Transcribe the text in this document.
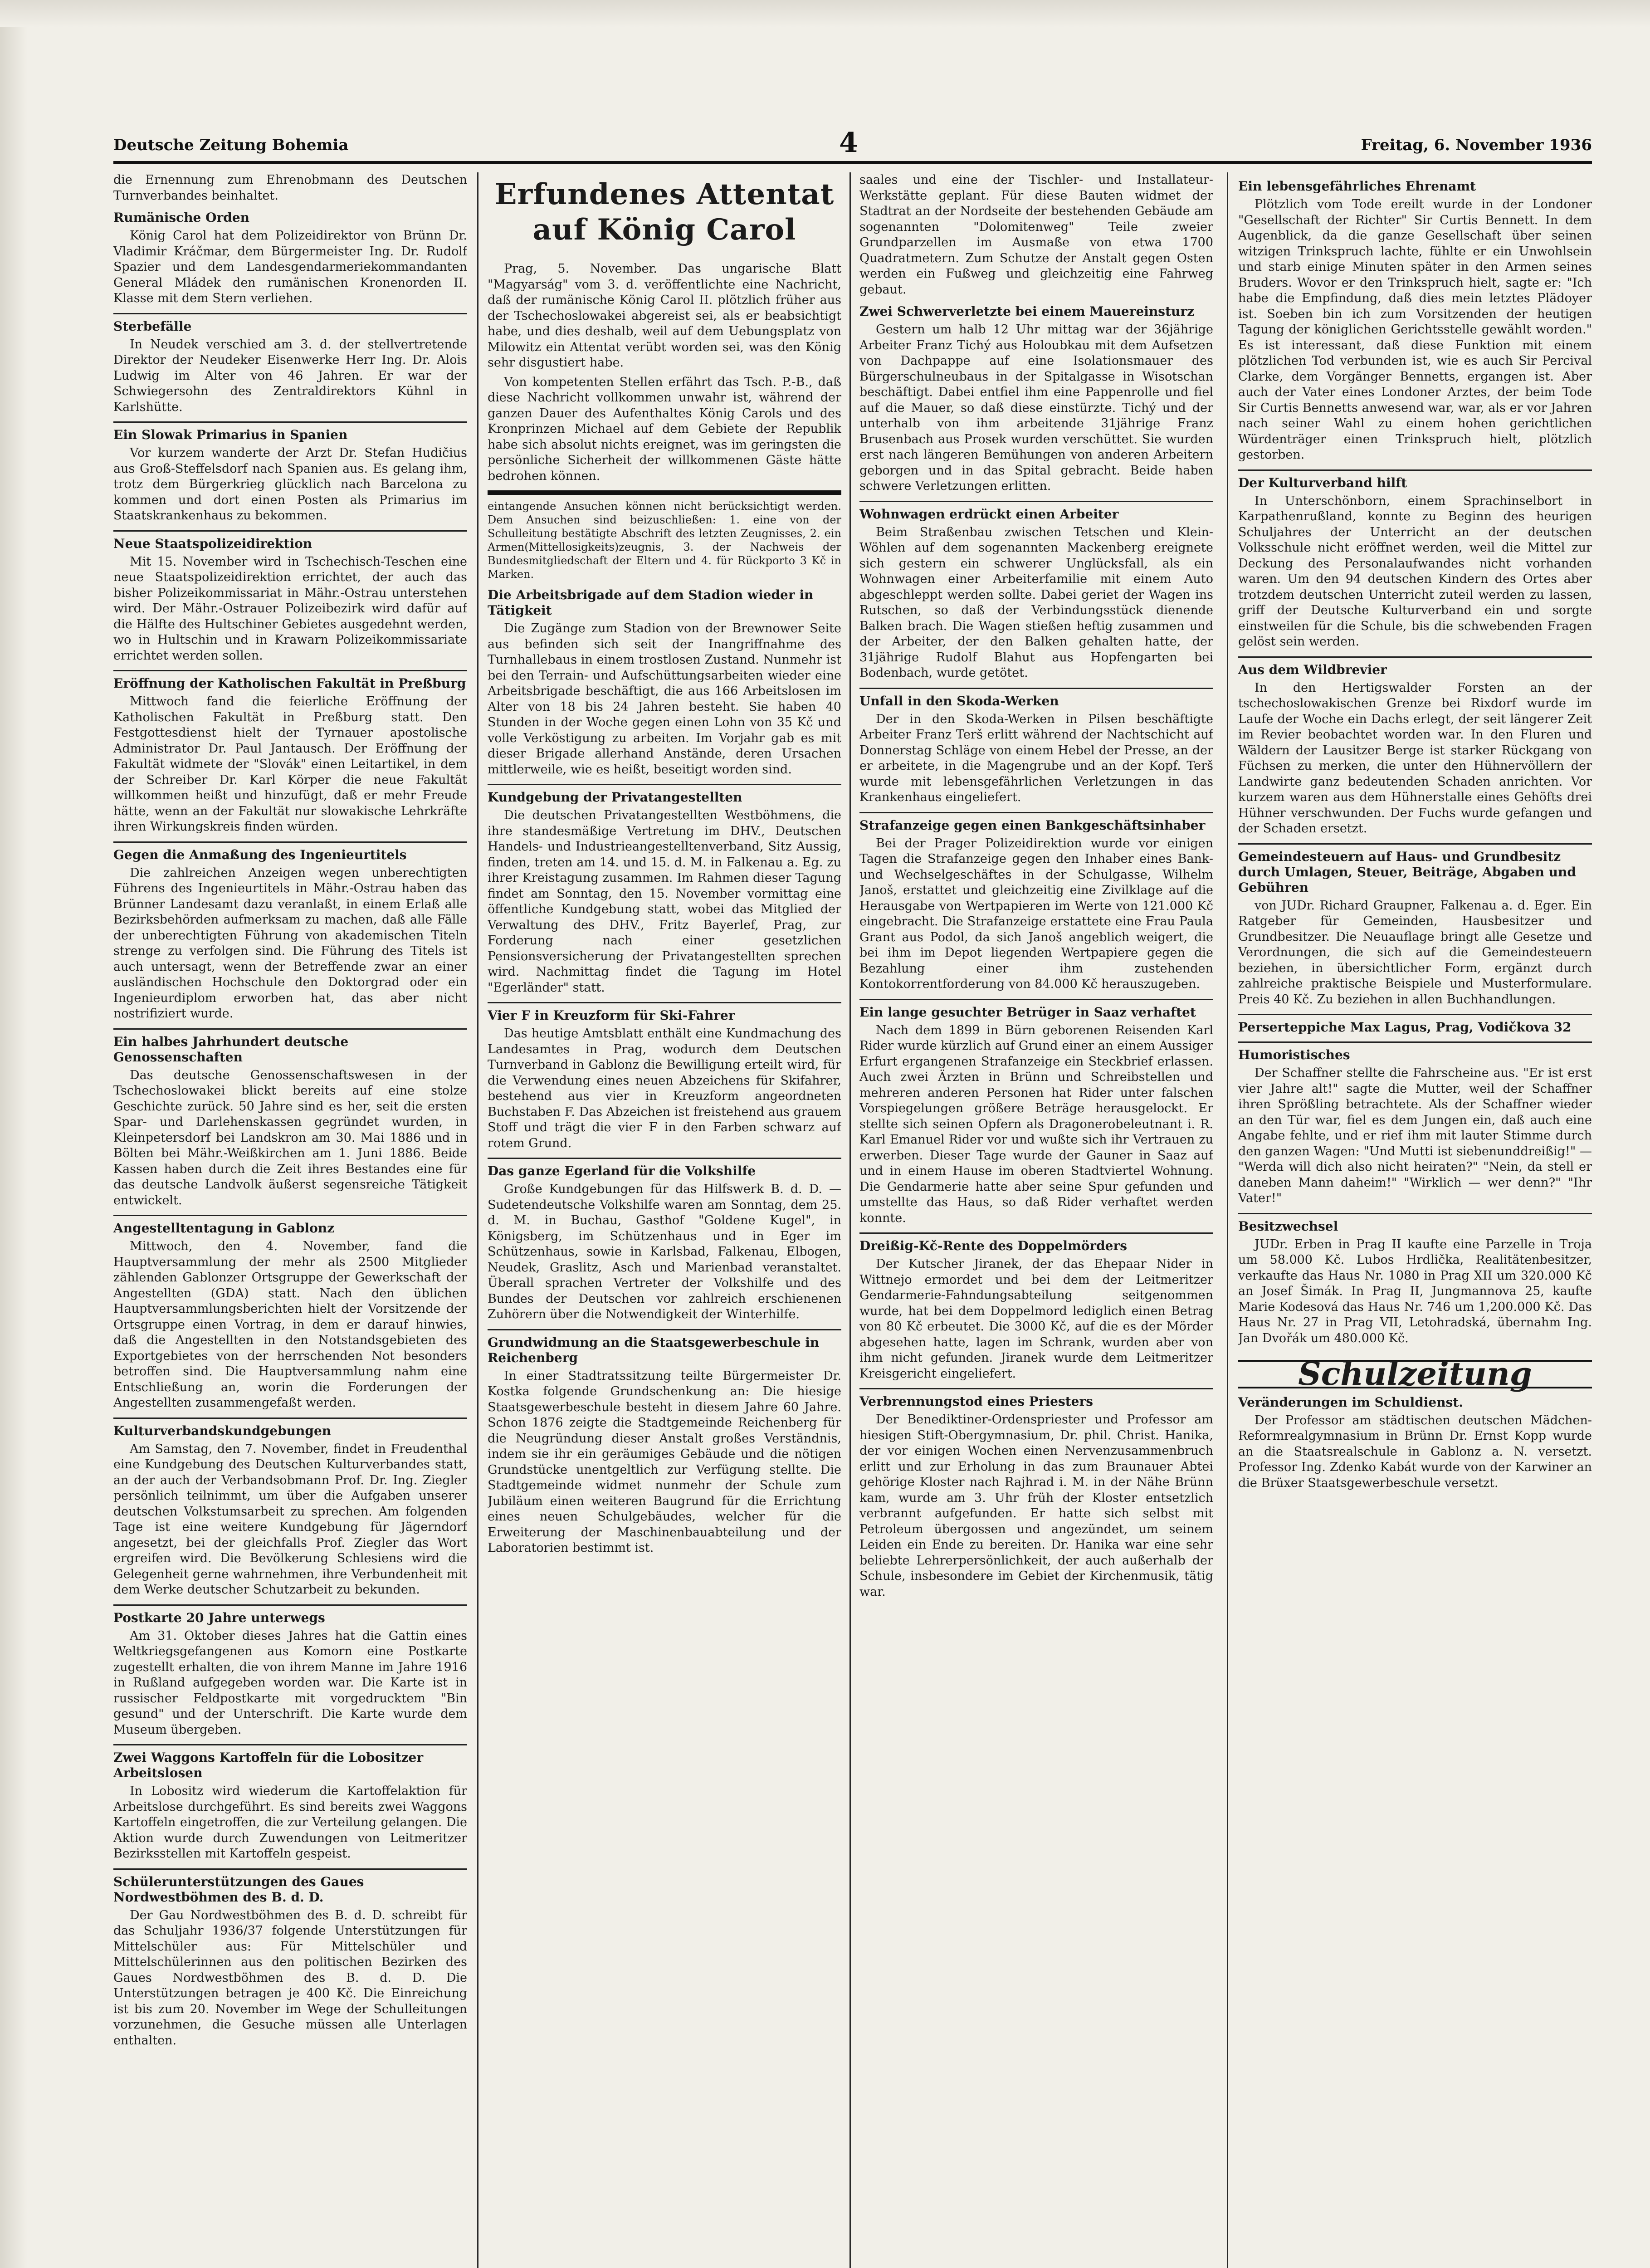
Deutsche Zeitung Bohemia	4	Freitag, 6. November 1936

die Ernennung zum Ehrenobmann des Deutschen Turnverbandes beinhaltet.

Rumänische Orden

König Carol hat dem Polizeidirektor von Brünn Dr. Vladimir Kráčmar, dem Bürgermeister Ing. Dr. Rudolf Spazier und dem Landesgendarmeriekommandanten General Mládek den rumänischen Kronenorden II. Klasse mit dem Stern verliehen.

Sterbefälle

In Neudek verschied am 3. d. der stellvertretende Direktor der Neudeker Eisenwerke Herr Ing. Dr. Alois Ludwig im Alter von 46 Jahren. Er war der Schwiegersohn des Zentraldirektors Kühnl in Karlshütte.

Ein Slowak Primarius in Spanien

Vor kurzem wanderte der Arzt Dr. Stefan Hudičius aus Groß-Steffelsdorf nach Spanien aus. Es gelang ihm, trotz dem Bürgerkrieg glücklich nach Barcelona zu kommen und dort einen Posten als Primarius im Staatskrankenhaus zu bekommen.

Neue Staatspolizeidirektion

Mit 15. November wird in Tschechisch-Teschen eine neue Staatspolizeidirektion errichtet, der auch das bisher Polizeikommissariat in Mähr.-Ostrau unterstehen wird. Der Mähr.-Ostrauer Polizeibezirk wird dafür auf die Hälfte des Hultschiner Gebietes ausgedehnt werden, wo in Hultschin und in Krawarn Polizeikommissariate errichtet werden sollen.

Eröffnung der Katholischen Fakultät in Preßburg

Mittwoch fand die feierliche Eröffnung der Katholischen Fakultät in Preßburg statt. Den Festgottesdienst hielt der Tyrnauer apostolische Administrator Dr. Paul Jantausch. Der Eröffnung der Fakultät widmete der "Slovák" einen Leitartikel, in dem der Schreiber Dr. Karl Körper die neue Fakultät willkommen heißt und hinzufügt, daß er mehr Freude hätte, wenn an der Fakultät nur slowakische Lehrkräfte ihren Wirkungskreis finden würden.

Gegen die Anmaßung des Ingenieurtitels

Die zahlreichen Anzeigen wegen unberechtigten Führens des Ingenieurtitels in Mähr.-Ostrau haben das Brünner Landesamt dazu veranlaßt, in einem Erlaß alle Bezirksbehörden aufmerksam zu machen, daß alle Fälle der unberechtigten Führung von akademischen Titeln strenge zu verfolgen sind. Die Führung des Titels ist auch untersagt, wenn der Betreffende zwar an einer ausländischen Hochschule den Doktorgrad oder ein Ingenieurdiplom erworben hat, das aber nicht nostrifiziert wurde.

Ein halbes Jahrhundert deutsche Genossenschaften

Das deutsche Genossenschaftswesen in der Tschechoslowakei blickt bereits auf eine stolze Geschichte zurück. 50 Jahre sind es her, seit die ersten Spar- und Darlehenskassen gegründet wurden, in Kleinpetersdorf bei Landskron am 30. Mai 1886 und in Bölten bei Mähr.-Weißkirchen am 1. Juni 1886. Beide Kassen haben durch die Zeit ihres Bestandes eine für das deutsche Landvolk äußerst segensreiche Tätigkeit entwickelt.

Angestelltentagung in Gablonz

Mittwoch, den 4. November, fand die Hauptversammlung der mehr als 2500 Mitglieder zählenden Gablonzer Ortsgruppe der Gewerkschaft der Angestellten (GDA) statt. Nach den üblichen Hauptversammlungsberichten hielt der Vorsitzende der Ortsgruppe einen Vortrag, in dem er darauf hinwies, daß die Angestellten in den Notstandsgebieten des Exportgebietes von der herrschenden Not besonders betroffen sind. Die Hauptversammlung nahm eine Entschließung an, worin die Forderungen der Angestellten zusammengefaßt werden.

Kulturverbandskundgebungen

Am Samstag, den 7. November, findet in Freudenthal eine Kundgebung des Deutschen Kulturverbandes statt, an der auch der Verbandsobmann Prof. Dr. Ing. Ziegler persönlich teilnimmt, um über die Aufgaben unserer deutschen Volkstumsarbeit zu sprechen. Am folgenden Tage ist eine weitere Kundgebung für Jägerndorf angesetzt, bei der gleichfalls Prof. Ziegler das Wort ergreifen wird. Die Bevölkerung Schlesiens wird die Gelegenheit gerne wahrnehmen, ihre Verbundenheit mit dem Werke deutscher Schutzarbeit zu bekunden.

Postkarte 20 Jahre unterwegs

Am 31. Oktober dieses Jahres hat die Gattin eines Weltkriegsgefangenen aus Komorn eine Postkarte zugestellt erhalten, die von ihrem Manne im Jahre 1916 in Rußland aufgegeben worden war. Die Karte ist in russischer Feldpostkarte mit vorgedrucktem "Bin gesund" und der Unterschrift. Die Karte wurde dem Museum übergeben.

Zwei Waggons Kartoffeln für die Lobositzer Arbeitslosen

In Lobositz wird wiederum die Kartoffelaktion für Arbeitslose durchgeführt. Es sind bereits zwei Waggons Kartoffeln eingetroffen, die zur Verteilung gelangen. Die Aktion wurde durch Zuwendungen von Leitmeritzer Bezirksstellen mit Kartoffeln gespeist.

Schülerunterstützungen des Gaues Nordwestböhmen des B. d. D.

Der Gau Nordwestböhmen des B. d. D. schreibt für das Schuljahr 1936/37 folgende Unterstützungen für Mittelschüler aus: Für Mittelschüler und Mittelschülerinnen aus den politischen Bezirken des Gaues Nordwestböhmen des B. d. D. Die Unterstützungen betragen je 400 Kč. Die Einreichung ist bis zum 20. November im Wege der Schulleitungen vorzunehmen, die Gesuche müssen alle Unterlagen enthalten.

Erfundenes Attentat auf König Carol

Prag, 5. November. Das ungarische Blatt "Magyarság" vom 3. d. veröffentlichte eine Nachricht, daß der rumänische König Carol II. plötzlich früher aus der Tschechoslowakei abgereist sei, als er beabsichtigt habe, und dies deshalb, weil auf dem Uebungsplatz von Milowitz ein Attentat verübt worden sei, was den König sehr disgustiert habe.

Von kompetenten Stellen erfährt das Tsch. P.-B., daß diese Nachricht vollkommen unwahr ist, während der ganzen Dauer des Aufenthaltes König Carols und des Kronprinzen Michael auf dem Gebiete der Republik habe sich absolut nichts ereignet, was im geringsten die persönliche Sicherheit der willkommenen Gäste hätte bedrohen können.

eintangende Ansuchen können nicht berücksichtigt werden. Dem Ansuchen sind beizuschließen: 1. eine von der Schulleitung bestätigte Abschrift des letzten Zeugnisses, 2. ein Armen(Mittellosigkeits)zeugnis, 3. der Nachweis der Bundesmitgliedschaft der Eltern und 4. für Rückporto 3 Kč in Marken.

Die Arbeitsbrigade auf dem Stadion wieder in Tätigkeit

Die Zugänge zum Stadion von der Brewnower Seite aus befinden sich seit der Inangriffnahme des Turnhallebaus in einem trostlosen Zustand. Nunmehr ist bei den Terrain- und Aufschüttungsarbeiten wieder eine Arbeitsbrigade beschäftigt, die aus 166 Arbeitslosen im Alter von 18 bis 24 Jahren besteht. Sie haben 40 Stunden in der Woche gegen einen Lohn von 35 Kč und volle Verköstigung zu arbeiten. Im Vorjahr gab es mit dieser Brigade allerhand Anstände, deren Ursachen mittlerweile, wie es heißt, beseitigt worden sind.

Kundgebung der Privatangestellten

Die deutschen Privatangestellten Westböhmens, die ihre standesmäßige Vertretung im DHV., Deutschen Handels- und Industrieangestelltenverband, Sitz Aussig, finden, treten am 14. und 15. d. M. in Falkenau a. Eg. zu ihrer Kreistagung zusammen. Im Rahmen dieser Tagung findet am Sonntag, den 15. November vormittag eine öffentliche Kundgebung statt, wobei das Mitglied der Verwaltung des DHV., Fritz Bayerlef, Prag, zur Forderung nach einer gesetzlichen Pensionsversicherung der Privatangestellten sprechen wird. Nachmittag findet die Tagung im Hotel "Egerländer" statt.

Vier F in Kreuzform für Ski-Fahrer

Das heutige Amtsblatt enthält eine Kundmachung des Landesamtes in Prag, wodurch dem Deutschen Turnverband in Gablonz die Bewilligung erteilt wird, für die Verwendung eines neuen Abzeichens für Skifahrer, bestehend aus vier in Kreuzform angeordneten Buchstaben F. Das Abzeichen ist freistehend aus grauem Stoff und trägt die vier F in den Farben schwarz auf rotem Grund.

Das ganze Egerland für die Volkshilfe

Große Kundgebungen für das Hilfswerk B. d. D. — Sudetendeutsche Volkshilfe waren am Sonntag, dem 25. d. M. in Buchau, Gasthof "Goldene Kugel", in Königsberg, im Schützenhaus und in Eger im Schützenhaus, sowie in Karlsbad, Falkenau, Elbogen, Neudek, Graslitz, Asch und Marienbad veranstaltet. Überall sprachen Vertreter der Volkshilfe und des Bundes der Deutschen vor zahlreich erschienenen Zuhörern über die Notwendigkeit der Winterhilfe.

Grundwidmung an die Staatsgewerbeschule in Reichenberg

In einer Stadtratssitzung teilte Bürgermeister Dr. Kostka folgende Grundschenkung an: Die hiesige Staatsgewerbeschule besteht in diesem Jahre 60 Jahre. Schon 1876 zeigte die Stadtgemeinde Reichenberg für die Neugründung dieser Anstalt großes Verständnis, indem sie ihr ein geräumiges Gebäude und die nötigen Grundstücke unentgeltlich zur Verfügung stellte. Die Stadtgemeinde widmet nunmehr der Schule zum Jubiläum einen weiteren Baugrund für die Errichtung eines neuen Schulgebäudes, welcher für die Erweiterung der Maschinenbauabteilung und der Laboratorien bestimmt ist.

saales und eine der Tischler- und Installateur-Werkstätte geplant. Für diese Bauten widmet der Stadtrat an der Nordseite der bestehenden Gebäude am sogenannten "Dolomitenweg" Teile zweier Grundparzellen im Ausmaße von etwa 1700 Quadratmetern. Zum Schutze der Anstalt gegen Osten werden ein Fußweg und gleichzeitig eine Fahrweg gebaut.

Zwei Schwerverletzte bei einem Mauereinsturz

Gestern um halb 12 Uhr mittag war der 36jährige Arbeiter Franz Tichý aus Holoubkau mit dem Aufsetzen von Dachpappe auf eine Isolationsmauer des Bürgerschulneubaus in der Spitalgasse in Wisotschan beschäftigt. Dabei entfiel ihm eine Pappenrolle und fiel auf die Mauer, so daß diese einstürzte. Tichý und der unterhalb von ihm arbeitende 31jährige Franz Brusenbach aus Prosek wurden verschüttet. Sie wurden erst nach längeren Bemühungen von anderen Arbeitern geborgen und in das Spital gebracht. Beide haben schwere Verletzungen erlitten.

Wohnwagen erdrückt einen Arbeiter

Beim Straßenbau zwischen Tetschen und Klein-Wöhlen auf dem sogenannten Mackenberg ereignete sich gestern ein schwerer Unglücksfall, als ein Wohnwagen einer Arbeiterfamilie mit einem Auto abgeschleppt werden sollte. Dabei geriet der Wagen ins Rutschen, so daß der Verbindungsstück dienende Balken brach. Die Wagen stießen heftig zusammen und der Arbeiter, der den Balken gehalten hatte, der 31jährige Rudolf Blahut aus Hopfengarten bei Bodenbach, wurde getötet.

Unfall in den Skoda-Werken

Der in den Skoda-Werken in Pilsen beschäftigte Arbeiter Franz Terš erlitt während der Nachtschicht auf Donnerstag Schläge von einem Hebel der Presse, an der er arbeitete, in die Magengrube und an der Kopf. Terš wurde mit lebensgefährlichen Verletzungen in das Krankenhaus eingeliefert.

Strafanzeige gegen einen Bankgeschäftsinhaber

Bei der Prager Polizeidirektion wurde vor einigen Tagen die Strafanzeige gegen den Inhaber eines Bank- und Wechselgeschäftes in der Schulgasse, Wilhelm Janoš, erstattet und gleichzeitig eine Zivilklage auf die Herausgabe von Wertpapieren im Werte von 121.000 Kč eingebracht. Die Strafanzeige erstattete eine Frau Paula Grant aus Podol, da sich Janoš angeblich weigert, die bei ihm im Depot liegenden Wertpapiere gegen die Bezahlung einer ihm zustehenden Kontokorrentforderung von 84.000 Kč herauszugeben.

Ein lange gesuchter Betrüger in Saaz verhaftet

Nach dem 1899 in Bürn geborenen Reisenden Karl Rider wurde kürzlich auf Grund einer an einem Aussiger Erfurt ergangenen Strafanzeige ein Steckbrief erlassen. Auch zwei Ärzten in Brünn und Schreibstellen und mehreren anderen Personen hat Rider unter falschen Vorspiegelungen größere Beträge herausgelockt. Er stellte sich seinen Opfern als Dragonerobeleutnant i. R. Karl Emanuel Rider vor und wußte sich ihr Vertrauen zu erwerben. Dieser Tage wurde der Gauner in Saaz auf und in einem Hause im oberen Stadtviertel Wohnung. Die Gendarmerie hatte aber seine Spur gefunden und umstellte das Haus, so daß Rider verhaftet werden konnte.

Dreißig-Kč-Rente des Doppelmörders

Der Kutscher Jiranek, der das Ehepaar Nider in Wittnejo ermordet und bei dem der Leitmeritzer Gendarmerie-Fahndungsabteilung seitgenommen wurde, hat bei dem Doppelmord lediglich einen Betrag von 80 Kč erbeutet. Die 3000 Kč, auf die es der Mörder abgesehen hatte, lagen im Schrank, wurden aber von ihm nicht gefunden. Jiranek wurde dem Leitmeritzer Kreisgericht eingeliefert.

Verbrennungstod eines Priesters

Der Benediktiner-Ordenspriester und Professor am hiesigen Stift-Obergymnasium, Dr. phil. Christ. Hanika, der vor einigen Wochen einen Nervenzusammenbruch erlitt und zur Erholung in das zum Braunauer Abtei gehörige Kloster nach Rajhrad i. M. in der Nähe Brünn kam, wurde am 3. Uhr früh der Kloster entsetzlich verbrannt aufgefunden. Er hatte sich selbst mit Petroleum übergossen und angezündet, um seinem Leiden ein Ende zu bereiten. Dr. Hanika war eine sehr beliebte Lehrerpersönlichkeit, der auch außerhalb der Schule, insbesondere im Gebiet der Kirchenmusik, tätig war.

Ein lebensgefährliches Ehrenamt

Plötzlich vom Tode ereilt wurde in der Londoner "Gesellschaft der Richter" Sir Curtis Bennett. In dem Augenblick, da die ganze Gesellschaft über seinen witzigen Trinkspruch lachte, fühlte er ein Unwohlsein und starb einige Minuten später in den Armen seines Bruders. Wovor er den Trinkspruch hielt, sagte er: "Ich habe die Empfindung, daß dies mein letztes Plädoyer ist. Soeben bin ich zum Vorsitzenden der heutigen Tagung der königlichen Gerichtsstelle gewählt worden." Es ist interessant, daß diese Funktion mit einem plötzlichen Tod verbunden ist, wie es auch Sir Percival Clarke, dem Vorgänger Bennetts, ergangen ist. Aber auch der Vater eines Londoner Arztes, der beim Tode Sir Curtis Bennetts anwesend war, war, als er vor Jahren nach seiner Wahl zu einem hohen gerichtlichen Würdenträger einen Trinkspruch hielt, plötzlich gestorben.

Der Kulturverband hilft

In Unterschönborn, einem Sprachinselbort in Karpathenrußland, konnte zu Beginn des heurigen Schuljahres der Unterricht an der deutschen Volksschule nicht eröffnet werden, weil die Mittel zur Deckung des Personalaufwandes nicht vorhanden waren. Um den 94 deutschen Kindern des Ortes aber trotzdem deutschen Unterricht zuteil werden zu lassen, griff der Deutsche Kulturverband ein und sorgte einstweilen für die Schule, bis die schwebenden Fragen gelöst sein werden.

Aus dem Wildbrevier

In den Hertigswalder Forsten an der tschechoslowakischen Grenze bei Rixdorf wurde im Laufe der Woche ein Dachs erlegt, der seit längerer Zeit im Revier beobachtet worden war. In den Fluren und Wäldern der Lausitzer Berge ist starker Rückgang von Füchsen zu merken, die unter den Hühnervöllern der Landwirte ganz bedeutenden Schaden anrichten. Vor kurzem waren aus dem Hühnerstalle eines Gehöfts drei Hühner verschwunden. Der Fuchs wurde gefangen und der Schaden ersetzt.

Gemeindesteuern auf Haus- und Grundbesitz durch Umlagen, Steuer, Beiträge, Abgaben und Gebühren

von JUDr. Richard Graupner, Falkenau a. d. Eger. Ein Ratgeber für Gemeinden, Hausbesitzer und Grundbesitzer. Die Neuauflage bringt alle Gesetze und Verordnungen, die sich auf die Gemeindesteuern beziehen, in übersichtlicher Form, ergänzt durch zahlreiche praktische Beispiele und Musterformulare. Preis 40 Kč. Zu beziehen in allen Buchhandlungen.

Perserteppiche Max Lagus, Prag, Vodičkova 32
Humoristisches

Der Schaffner stellte die Fahrscheine aus. "Er ist erst vier Jahre alt!" sagte die Mutter, weil der Schaffner ihren Sprößling betrachtete. Als der Schaffner wieder an den Tür war, fiel es dem Jungen ein, daß auch eine Angabe fehlte, und er rief ihm mit lauter Stimme durch den ganzen Wagen: "Und Mutti ist siebenunddreißig!" — "Werda will dich also nicht heiraten?" "Nein, da stell er daneben Mann daheim!" "Wirklich — wer denn?" "Ihr Vater!"

Besitzwechsel

JUDr. Erben in Prag II kaufte eine Parzelle in Troja um 58.000 Kč. Lubos Hrdlička, Realitätenbesitzer, verkaufte das Haus Nr. 1080 in Prag XII um 320.000 Kč an Josef Šimák. In Prag II, Jungmannova 25, kaufte Marie Kodesová das Haus Nr. 746 um 1,200.000 Kč. Das Haus Nr. 27 in Prag VII, Letohradská, übernahm Ing. Jan Dvořák um 480.000 Kč.

Schulzeitung
Veränderungen im Schuldienst.

Der Professor am städtischen deutschen Mädchen-Reformrealgymnasium in Brünn Dr. Ernst Kopp wurde an die Staatsrealschule in Gablonz a. N. versetzt. Professor Ing. Zdenko Kabát wurde von der Karwiner an die Brüxer Staatsgewerbeschule versetzt.
